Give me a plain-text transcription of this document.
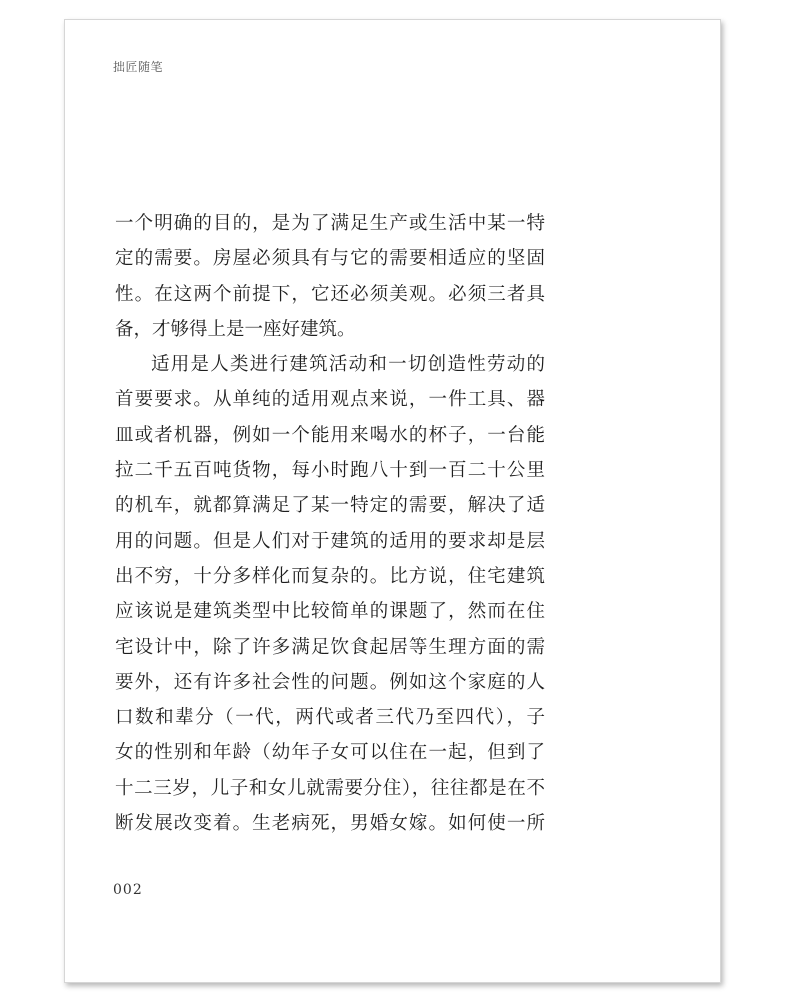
拙匠随笔
一个明确的目的，是为了满足生产或生活中某一特
定的需要。房屋必须具有与它的需要相适应的坚固
性。在这两个前提下，它还必须美观。必须三者具
备，才够得上是一座好建筑。
适用是人类进行建筑活动和一切创造性劳动的
首要要求。从单纯的适用观点来说，一件工具、器
皿或者机器，例如一个能用来喝水的杯子，一台能
拉二千五百吨货物，每小时跑八十到一百二十公里
的机车，就都算满足了某一特定的需要，解决了适
用的问题。但是人们对于建筑的适用的要求却是层
出不穷，十分多样化而复杂的。比方说，住宅建筑
应该说是建筑类型中比较简单的课题了，然而在住
宅设计中，除了许多满足饮食起居等生理方面的需
要外，还有许多社会性的问题。例如这个家庭的人
口数和辈分（一代，两代或者三代乃至四代），子
女的性别和年龄（幼年子女可以住在一起，但到了
十二三岁，儿子和女儿就需要分住），往往都是在不
断发展改变着。生老病死，男婚女嫁。如何使一所
002
